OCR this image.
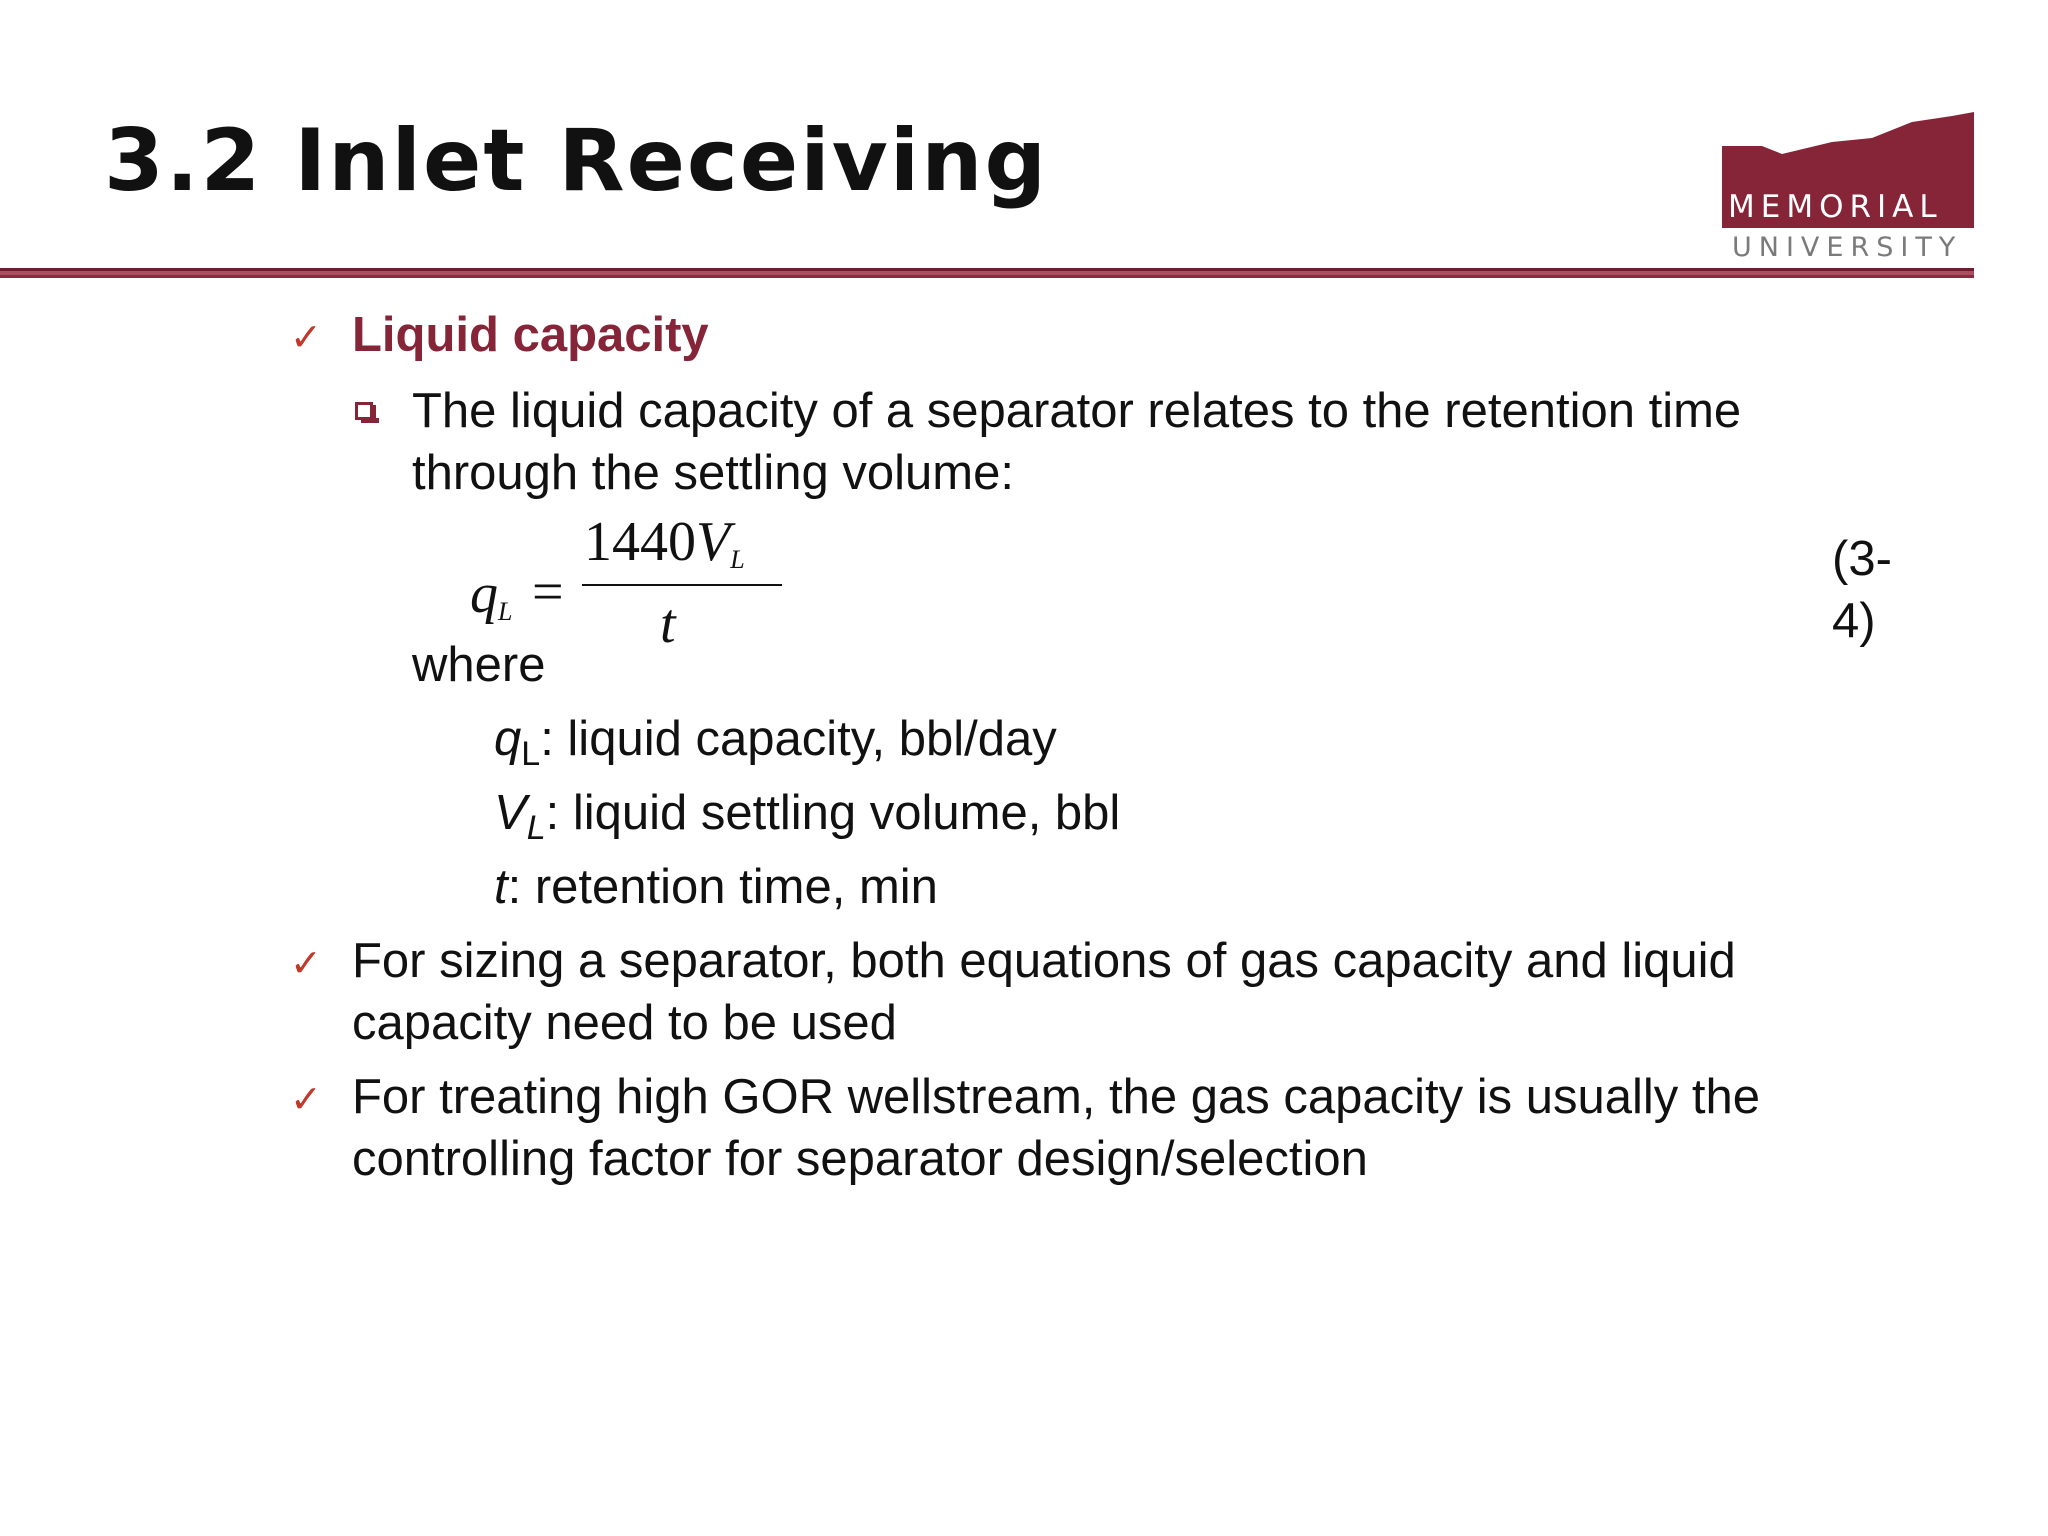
3.2 Inlet Receiving	MEMORIAL
UNIVERSITY
✓ Liquid capacity
The liquid capacity of a separator relates to the retention time
through the settling volume:
$q_L$ =
$1440V_L$
t
(3-4)
where
$q_L$: liquid capacity, bbl/day
$V_L$: liquid settling volume, bbl
t: retention time, min
✓ For sizing a separator, both equations of gas capacity and liquid
capacity need to be used
✓ For treating high GOR wellstream, the gas capacity is usually the
controlling factor for separator design/selection
